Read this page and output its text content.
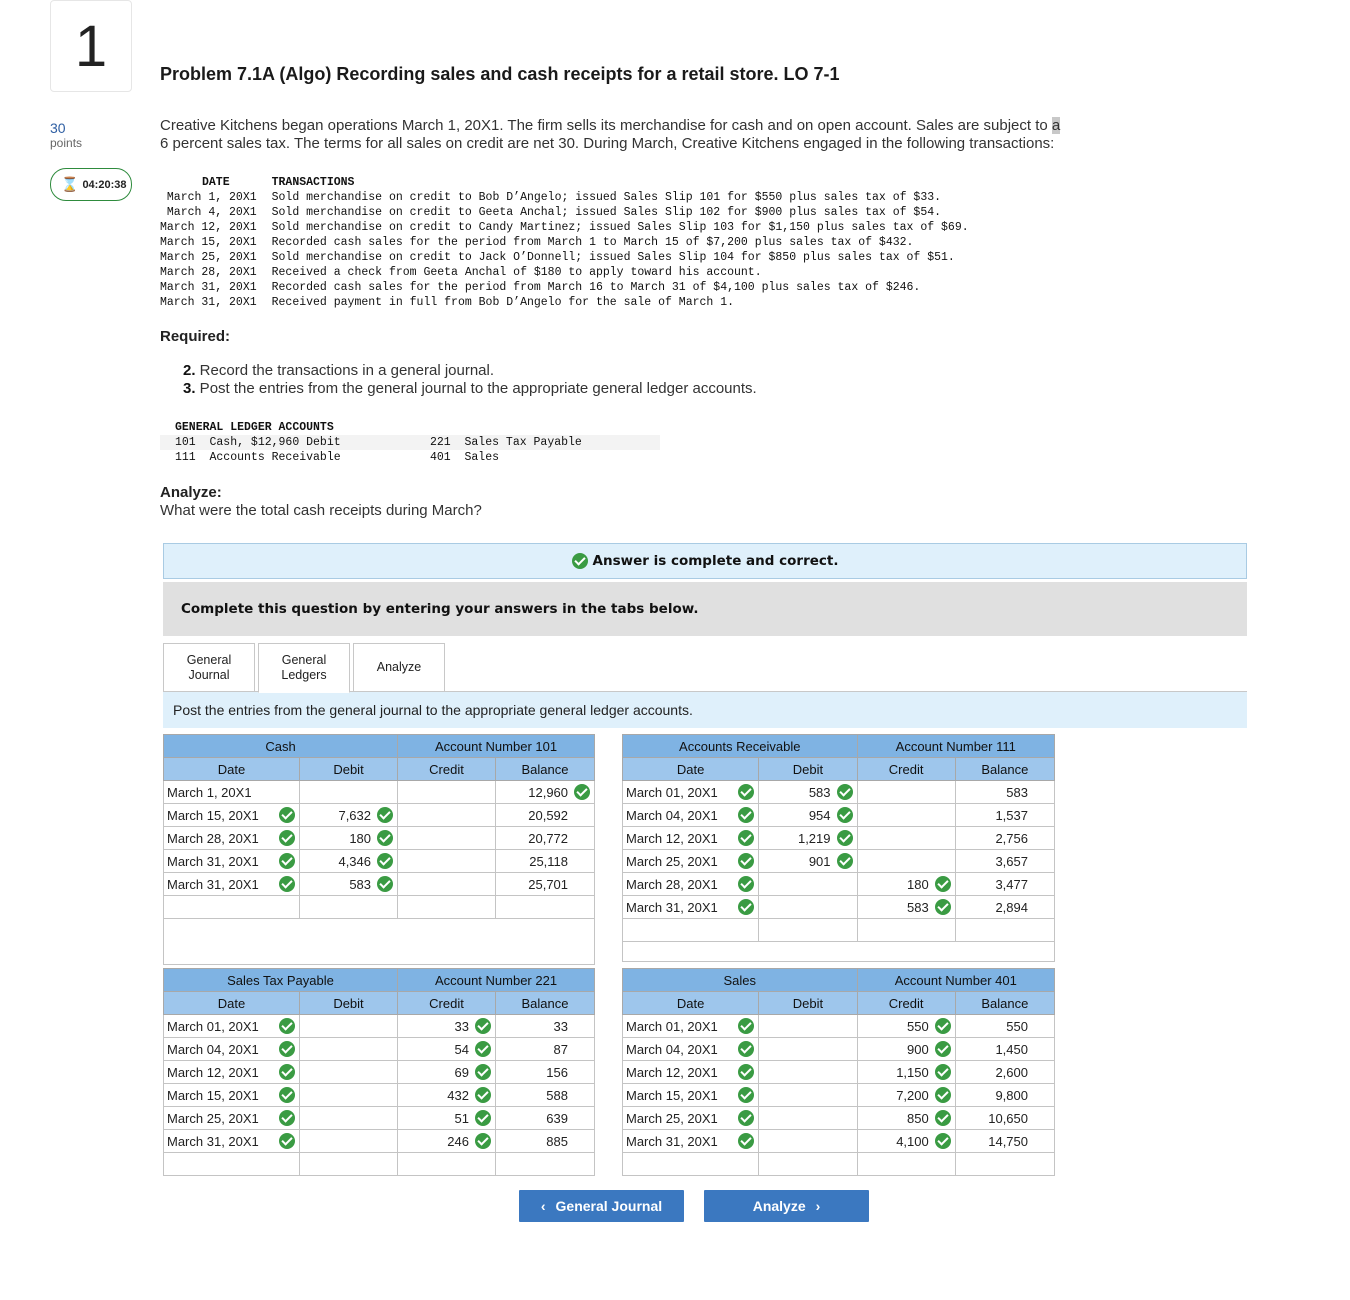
1
30
points
⌛ 04:20:38
Problem 7.1A (Algo) Recording sales and cash receipts for a retail store. LO 7-1
Creative Kitchens began operations March 1, 20X1. The firm sells its merchandise for cash and on open account. Sales are subject to a
6 percent sales tax. The terms for all sales on credit are net 30. During March, Creative Kitchens engaged in the following transactions:
DATE	TRANSACTIONS
March 1, 20X1	Sold merchandise on credit to Bob D’Angelo; issued Sales Slip 101 for $550 plus sales tax of $33.
March 4, 20X1	Sold merchandise on credit to Geeta Anchal; issued Sales Slip 102 for $900 plus sales tax of $54.
March 12, 20X1	Sold merchandise on credit to Candy Martinez; issued Sales Slip 103 for $1,150 plus sales tax of $69.
March 15, 20X1	Recorded cash sales for the period from March 1 to March 15 of $7,200 plus sales tax of $432.
March 25, 20X1	Sold merchandise on credit to Jack O’Donnell; issued Sales Slip 104 for $850 plus sales tax of $51.
March 28, 20X1	Received a check from Geeta Anchal of $180 to apply toward his account.
March 31, 20X1	Recorded cash sales for the period from March 16 to March 31 of $4,100 plus sales tax of $246.
March 31, 20X1	Received payment in full from Bob D’Angelo for the sale of March 1.
Required:
2. Record the transactions in a general journal.
3. Post the entries from the general journal to the appropriate general ledger accounts.
GENERAL LEDGER ACCOUNTS
101  Cash, $12,960 Debit	221  Sales Tax Payable
111  Accounts Receivable	401  Sales
Analyze:
What were the total cash receipts during March?
Answer is complete and correct.
Complete this question by entering your answers in the tabs below.
General Journal
General Ledgers
Analyze
Post the entries from the general journal to the appropriate general ledger accounts.
Cash		Account Number 101	
Date	Debit	Credit	Balance
March 1, 20X1			12,960

March 15, 20X1	7,632		20,592
March 28, 20X1	180		20,772
March 31, 20X1	4,346		25,118
March 31, 20X1	583		25,701

Accounts Receivable		Account Number 111	
Date	Debit	Credit	Balance
March 01, 20X1	583		583
March 04, 20X1	954		1,537
March 12, 20X1	1,219		2,756
March 25, 20X1	901		3,657
March 28, 20X1		180	3,477
March 31, 20X1		583	2,894

Sales Tax Payable		Account Number 221	
Date	Debit	Credit	Balance
March 01, 20X1		33	33
March 04, 20X1		54	87
March 12, 20X1		69	156
March 15, 20X1		432	588
March 25, 20X1		51	639
March 31, 20X1		246	885

Sales		Account Number 401	
Date	Debit	Credit	Balance
March 01, 20X1		550	550
March 04, 20X1		900	1,450
March 12, 20X1		1,150	2,600
March 15, 20X1		7,200	9,800
March 25, 20X1		850	10,650
March 31, 20X1		4,100	14,750

‹ General Journal	Analyze ›
